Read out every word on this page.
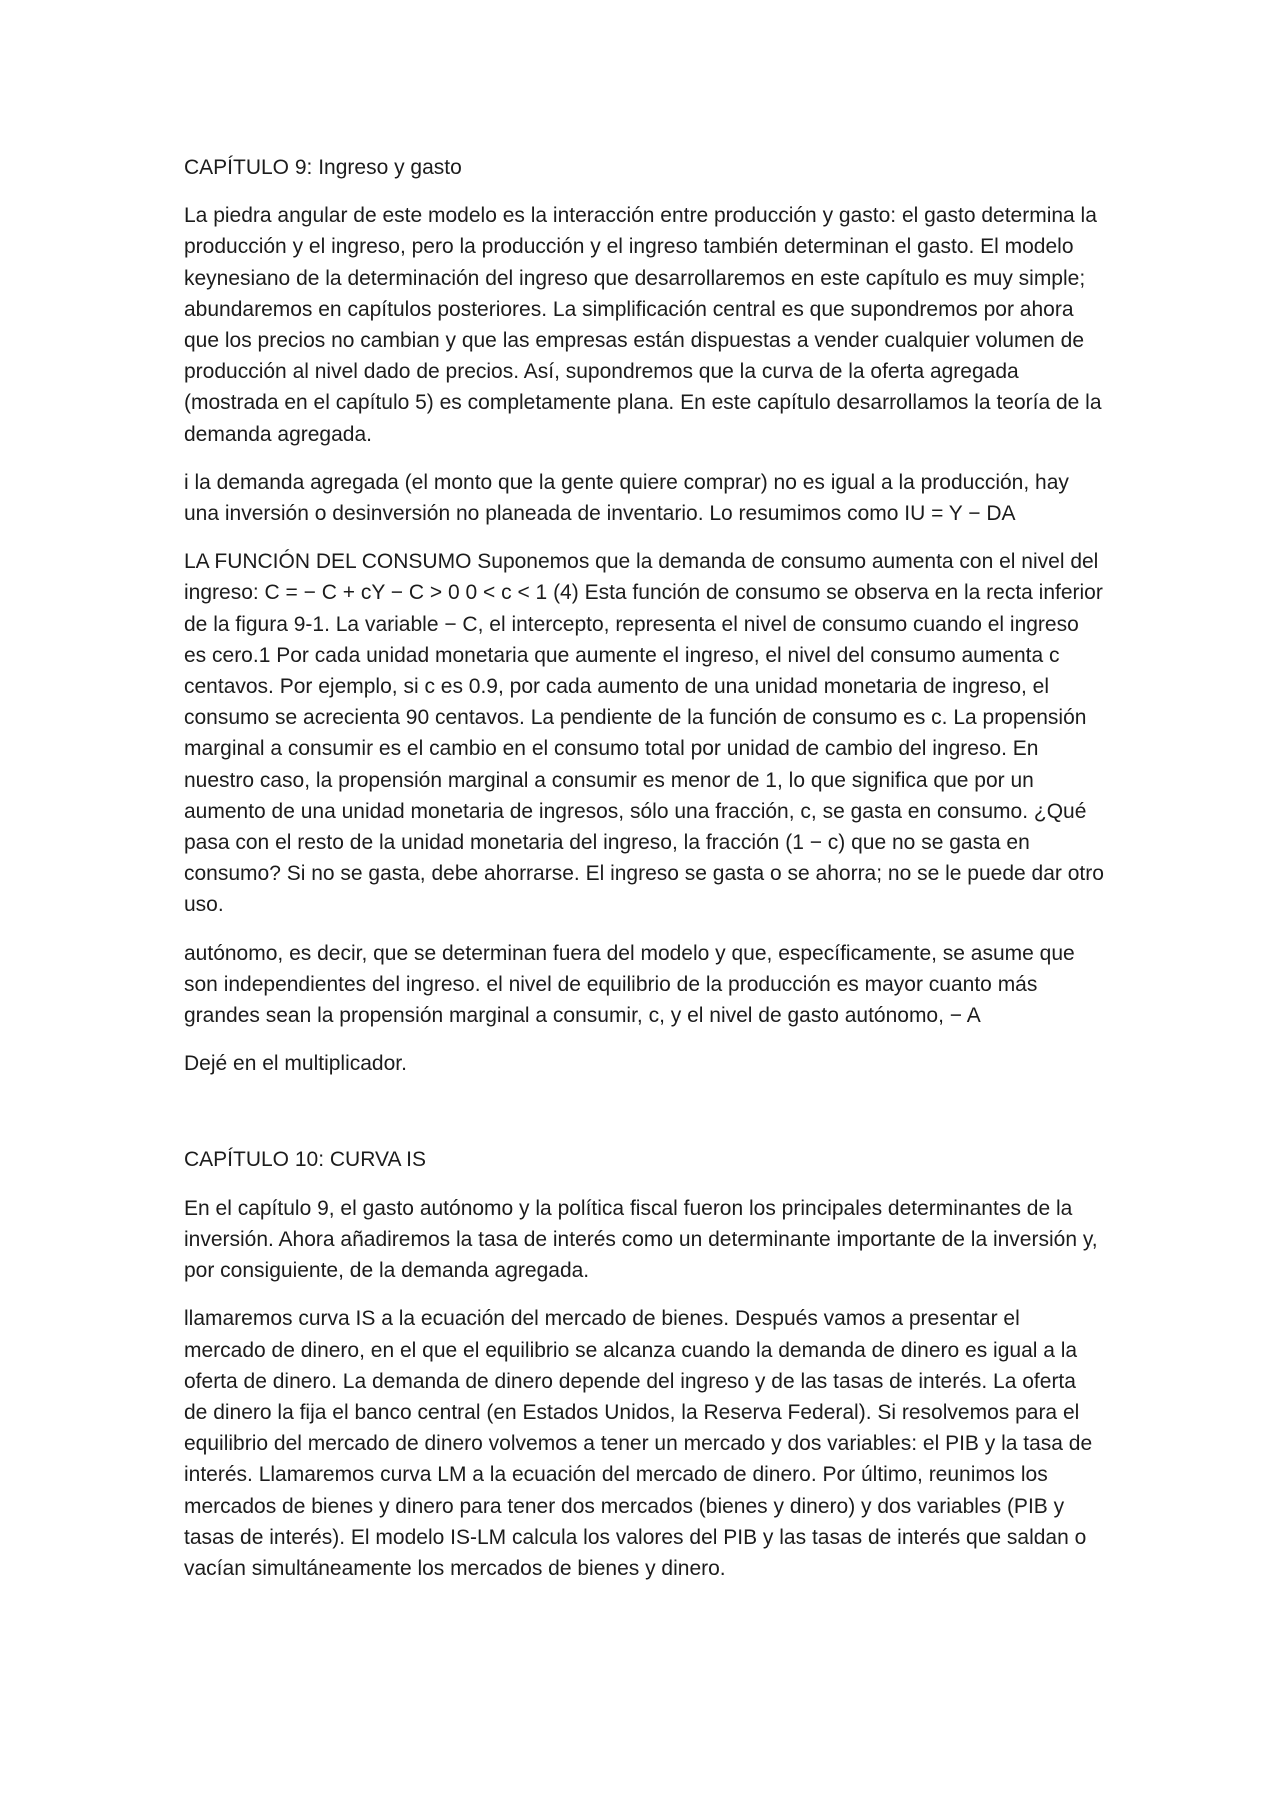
CAPÍTULO 9: Ingreso y gasto

La piedra angular de este modelo es la interacción entre producción y gasto: el gasto determina la producción y el ingreso, pero la producción y el ingreso también determinan el gasto. El modelo keynesiano de la determinación del ingreso que desarrollaremos en este capítulo es muy simple; abundaremos en capítulos posteriores. La simplificación central es que supondremos por ahora que los precios no cambian y que las empresas están dispuestas a vender cualquier volumen de producción al nivel dado de precios. Así, supondremos que la curva de la oferta agregada (mostrada en el capítulo 5) es completamente plana. En este capítulo desarrollamos la teoría de la demanda agregada.

i la demanda agregada (el monto que la gente quiere comprar) no es igual a la producción, hay una inversión o desinversión no planeada de inventario. Lo resumimos como IU = Y − DA

LA FUNCIÓN DEL CONSUMO Suponemos que la demanda de consumo aumenta con el nivel del ingreso: C = − C + cY − C > 0 0 < c < 1 (4) Esta función de consumo se observa en la recta inferior de la figura 9-1. La variable − C, el intercepto, representa el nivel de consumo cuando el ingreso es cero.1 Por cada unidad monetaria que aumente el ingreso, el nivel del consumo aumenta c centavos. Por ejemplo, si c es 0.9, por cada aumento de una unidad monetaria de ingreso, el consumo se acrecienta 90 centavos. La pendiente de la función de consumo es c. La propensión marginal a consumir es el cambio en el consumo total por unidad de cambio del ingreso. En nuestro caso, la propensión marginal a consumir es menor de 1, lo que significa que por un aumento de una unidad monetaria de ingresos, sólo una fracción, c, se gasta en consumo. ¿Qué pasa con el resto de la unidad monetaria del ingreso, la fracción (1 − c) que no se gasta en consumo? Si no se gasta, debe ahorrarse. El ingreso se gasta o se ahorra; no se le puede dar otro uso.

autónomo, es decir, que se determinan fuera del modelo y que, específicamente, se asume que son independientes del ingreso. el nivel de equilibrio de la producción es mayor cuanto más grandes sean la propensión marginal a consumir, c, y el nivel de gasto autónomo, − A

Dejé en el multiplicador.

CAPÍTULO 10: CURVA IS

En el capítulo 9, el gasto autónomo y la política fiscal fueron los principales determinantes de la inversión. Ahora añadiremos la tasa de interés como un determinante importante de la inversión y, por consiguiente, de la demanda agregada.

llamaremos curva IS a la ecuación del mercado de bienes. Después vamos a presentar el mercado de dinero, en el que el equilibrio se alcanza cuando la demanda de dinero es igual a la oferta de dinero. La demanda de dinero depende del ingreso y de las tasas de interés. La oferta de dinero la fija el banco central (en Estados Unidos, la Reserva Federal). Si resolvemos para el equilibrio del mercado de dinero volvemos a tener un mercado y dos variables: el PIB y la tasa de interés. Llamaremos curva LM a la ecuación del mercado de dinero. Por último, reunimos los mercados de bienes y dinero para tener dos mercados (bienes y dinero) y dos variables (PIB y tasas de interés). El modelo IS-LM calcula los valores del PIB y las tasas de interés que saldan o vacían simultáneamente los mercados de bienes y dinero.
